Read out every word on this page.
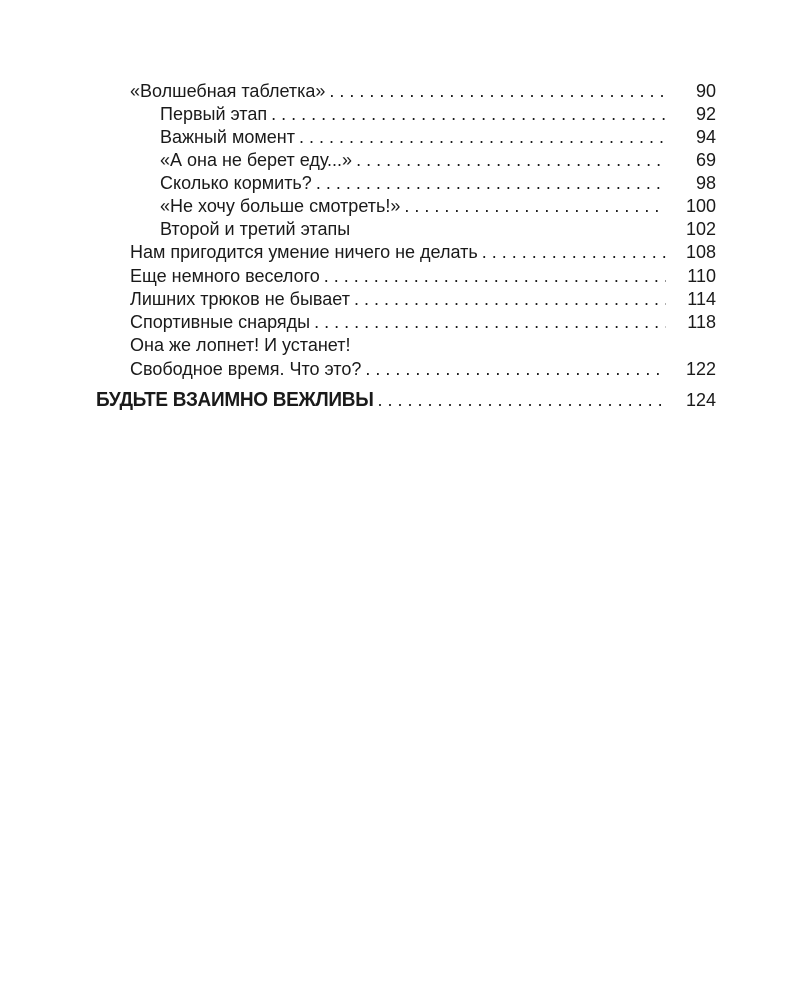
«Волшебная таблетка» . . .	90
Первый этап . . .	92
Важный момент . . .	94
«А она не берет еду...» . . .	69
Сколько кормить? . . .	98
«Не хочу больше смотреть!» . . .	100
Второй и третий этапы	102
Нам пригодится умение ничего не делать . . .	108
Еще немного веселого . . .	110
Лишних трюков не бывает . . .	114
Спортивные снаряды . . .	118
Она же лопнет! И устанет!
Свободное время. Что это? . . .	122
БУДЬТЕ ВЗАИМНО ВЕЖЛИВЫ . . .	124
